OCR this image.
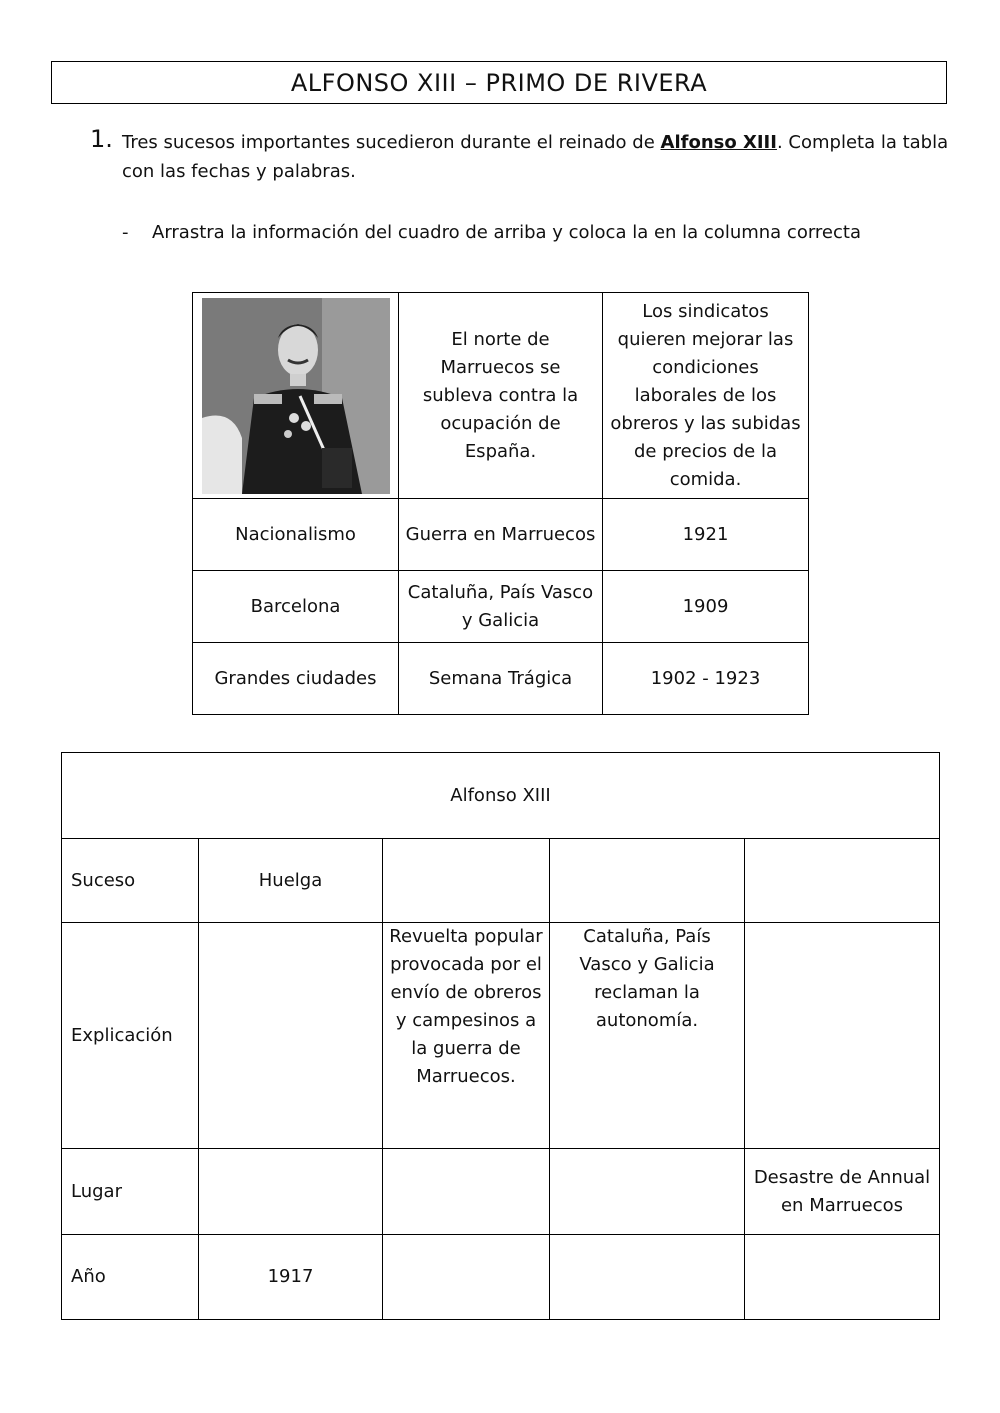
ALFONSO XIII – PRIMO DE RIVERA
1. Tres sucesos importantes sucedieron durante el reinado de Alfonso XIII. Completa la tabla con las fechas y palabras.
- Arrastra la información del cuadro de arriba y coloca la en la columna correcta
	El norte de Marruecos se subleva contra la ocupación de España.	Los sindicatos quieren mejorar las condiciones laborales de los obreros y las subidas de precios de la comida.
Nacionalismo	Guerra en Marruecos	1921
Barcelona	Cataluña, País Vasco y Galicia	1909
Grandes ciudades	Semana Trágica	1902 - 1923
Alfonso XIII				
Suceso	Huelga			
Explicación		Revuelta popular provocada por el envío de obreros y campesinos a la guerra de Marruecos.	Cataluña, País Vasco y Galicia reclaman la autonomía.	
Lugar				Desastre de Annual en Marruecos
Año	1917			
